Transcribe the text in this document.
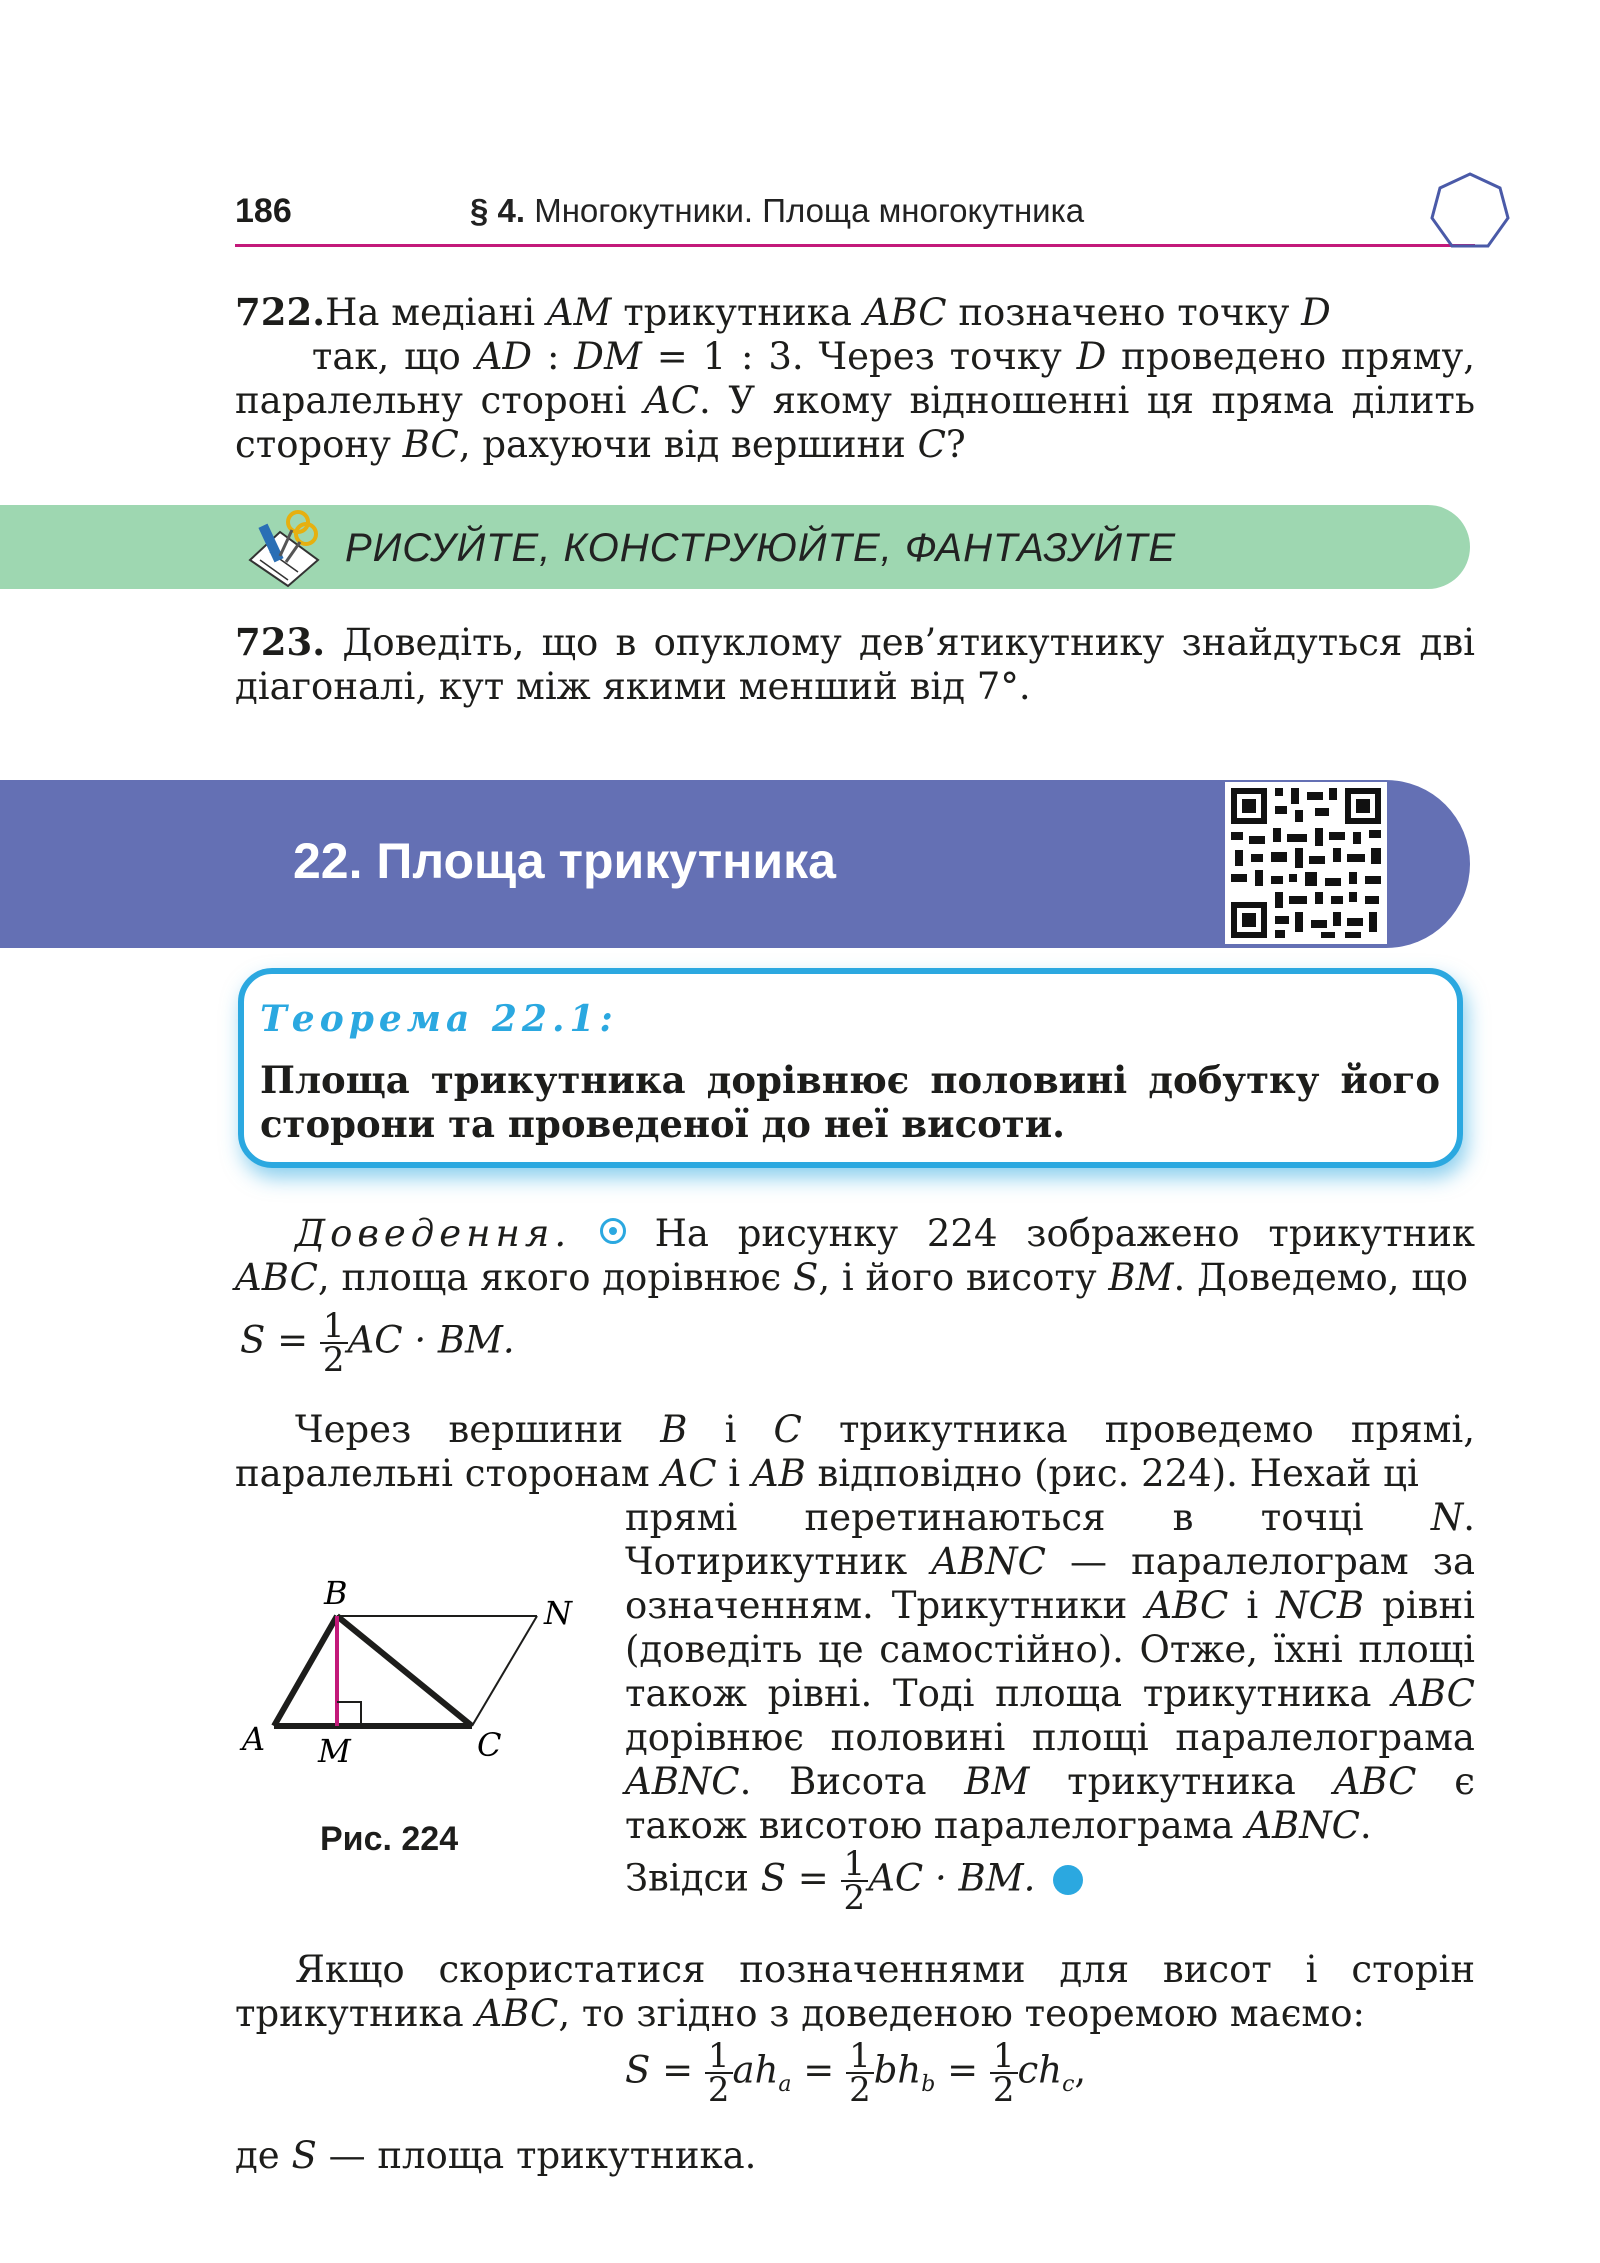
186	§ 4. Многокутники. Площа многокутника
722.На медіані AM трикутника ABC позначено точку D
так, що AD : DM = 1 : 3. Через точку D проведено пряму, паралельну стороні AC. У якому відношенні ця пряма ділить сторону BC, рахуючи від вершини C?
РИСУЙТЕ, КОНСТРУЮЙТЕ, ФАНТАЗУЙТЕ
723. Доведіть, що в опуклому дев’ятикутнику знайдуться дві діагоналі, кут між якими менший від 7°.
22. Площа трикутника
Теорема 22.1:
Площа трикутника дорівнює половині добутку його сторони та проведеної до неї висоти.
Доведення.  На рисунку 224 зображено трикутник ABC, площа якого дорівнює S, і його висоту BM. Доведемо, що
$S = \frac{1}{2}$ AC · BM.
Через вершини B і C трикутника проведемо прямі, паралельні сторонам AC і AB відповідно (рис. 224). Нехай ці
прямі перетинаються в точці N. Чотирикутник ABNC — паралелограм за означенням. Трикутники ABC і NCB рівні (доведіть це самостійно). Отже, їхні площі також рівні. Тоді площа трикутника ABC дорівнює половині площі паралелограма ABNC. Висота BM трикутника ABC є також висотою паралелограма ABNC.
Звідси $S = \frac{1}{2}$ AC · BM.
A
B
C
M
N
Рис. 224
Якщо скористатися позначеннями для висот і сторін трикутника ABC, то згідно з доведеною теоремою маємо:
$S = \frac{1}{2} ah_a = \frac{1}{2} bh_b = \frac{1}{2} ch_c$,
де S — площа трикутника.
